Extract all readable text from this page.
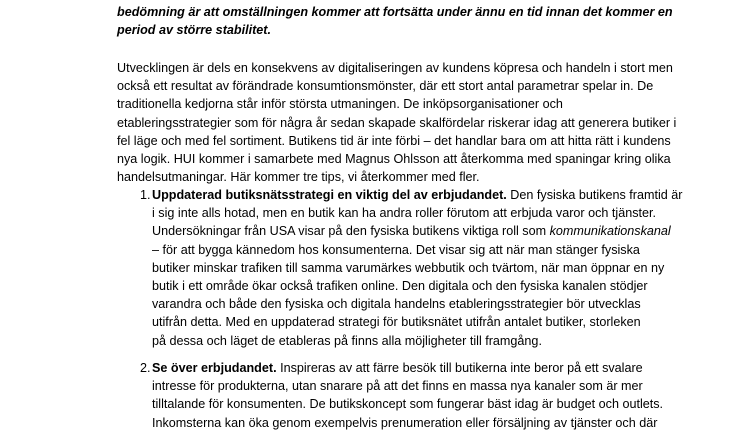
bedömning är att omställningen kommer att fortsätta under ännu en tid innan det kommer en
period av större stabilitet.

Utvecklingen är dels en konsekvens av digitaliseringen av kundens köpresa och handeln i stort men
också ett resultat av förändrade konsumtionsmönster, där ett stort antal parametrar spelar in. De
traditionella kedjorna står inför största utmaningen. De inköpsorganisationer och
etableringsstrategier som för några år sedan skapade skalfördelar riskerar idag att generera butiker i
fel läge och med fel sortiment. Butikens tid är inte förbi – det handlar bara om att hitta rätt i kundens
nya logik. HUI kommer i samarbete med Magnus Ohlsson att återkomma med spaningar kring olika
handelsutmaningar. Här kommer tre tips, vi återkommer med fler.

1. Uppdaterad butiksnätsstrategi en viktig del av erbjudandet. Den fysiska butikens framtid är
i sig inte alls hotad, men en butik kan ha andra roller förutom att erbjuda varor och tjänster.
Undersökningar från USA visar på den fysiska butikens viktiga roll som kommunikationskanal
– för att bygga kännedom hos konsumenterna. Det visar sig att när man stänger fysiska
butiker minskar trafiken till samma varumärkes webbutik och tvärtom, när man öppnar en ny
butik i ett område ökar också trafiken online. Den digitala och den fysiska kanalen stödjer
varandra och både den fysiska och digitala handelns etableringsstrategier bör utvecklas
utifrån detta. Med en uppdaterad strategi för butiksnätet utifrån antalet butiker, storleken
på dessa och läget de etableras på finns alla möjligheter till framgång.
2. Se över erbjudandet. Inspireras av att färre besök till butikerna inte beror på ett svalare
intresse för produkterna, utan snarare på att det finns en massa nya kanaler som är mer
tilltalande för konsumenten. De butikskoncept som fungerar bäst idag är budget och outlets.
Inkomsterna kan öka genom exempelvis prenumeration eller försäljning av tjänster och där
